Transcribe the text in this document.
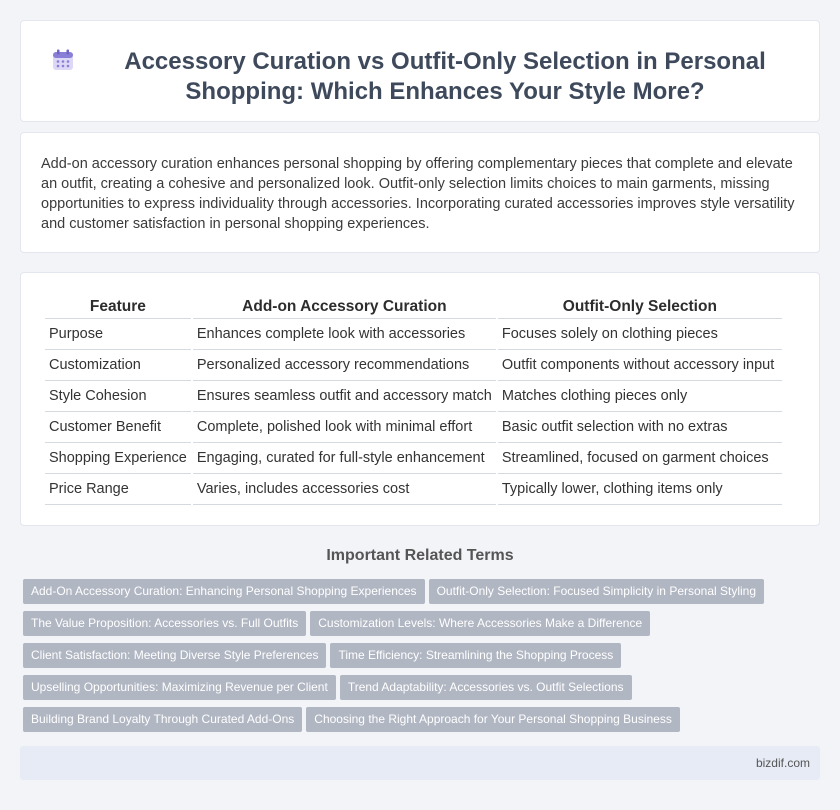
Accessory Curation vs Outfit-Only Selection in Personal Shopping: Which Enhances Your Style More?

Add-on accessory curation enhances personal shopping by offering complementary pieces that complete and elevate an outfit, creating a cohesive and personalized look. Outfit-only selection limits choices to main garments, missing opportunities to express individuality through accessories. Incorporating curated accessories improves style versatility and customer satisfaction in personal shopping experiences.

Feature	Add-on Accessory Curation	Outfit-Only Selection
Purpose	Enhances complete look with accessories	Focuses solely on clothing pieces
Customization	Personalized accessory recommendations	Outfit components without accessory input
Style Cohesion	Ensures seamless outfit and accessory match	Matches clothing pieces only
Customer Benefit	Complete, polished look with minimal effort	Basic outfit selection with no extras
Shopping Experience	Engaging, curated for full-style enhancement	Streamlined, focused on garment choices
Price Range	Varies, includes accessories cost	Typically lower, clothing items only
Important Related Terms
Add-On Accessory Curation: Enhancing Personal Shopping Experiences Outfit-Only Selection: Focused Simplicity in Personal Styling
The Value Proposition: Accessories vs. Full Outfits Customization Levels: Where Accessories Make a Difference
Client Satisfaction: Meeting Diverse Style Preferences Time Efficiency: Streamlining the Shopping Process
Upselling Opportunities: Maximizing Revenue per Client Trend Adaptability: Accessories vs. Outfit Selections
Building Brand Loyalty Through Curated Add-Ons Choosing the Right Approach for Your Personal Shopping Business
bizdif.com
